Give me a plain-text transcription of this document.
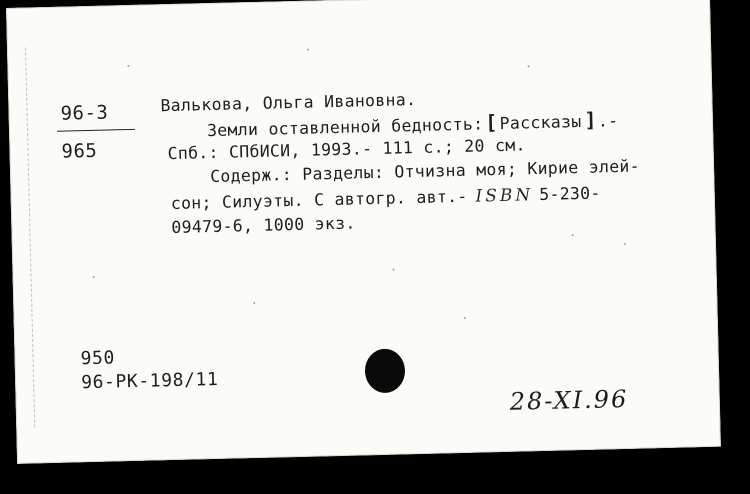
96-3
965
Валькова, Ольга Ивановна.
Земли оставленной бедность:[Рассказы ].-
Спб.: СПбИСИ, 1993.- 111 с.; 20 см.
Содерж.: Разделы: Отчизна моя; Кирие элей-
сон; Силуэты. С автогр. авт.- ISBN 5-230-
09479-6, 1000 экз.
950
96-РК-198/11
28-XI.96
